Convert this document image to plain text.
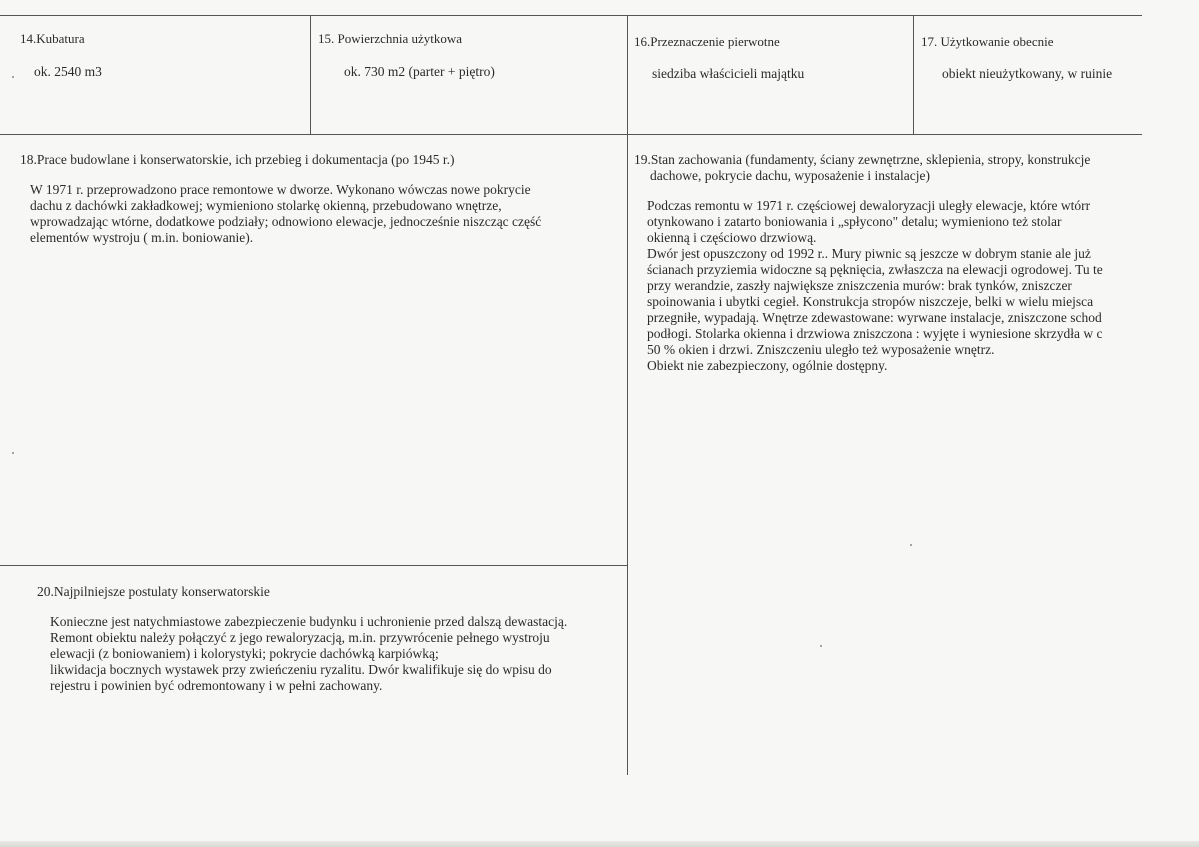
14.Kubatura
ok. 2540 m3
15. Powierzchnia użytkowa
ok. 730 m2 (parter + piętro)
16.Przeznaczenie pierwotne
siedziba właścicieli majątku
17. Użytkowanie obecnie
obiekt nieużytkowany, w ruinie
18.Prace budowlane i konserwatorskie, ich przebieg i dokumentacja (po 1945 r.)
W 1971 r. przeprowadzono prace remontowe w dworze. Wykonano wówczas nowe pokrycie
dachu z dachówki zakładkowej; wymieniono stolarkę okienną, przebudowano wnętrze,
wprowadzając wtórne, dodatkowe podziały; odnowiono elewacje, jednocześnie niszcząc część
elementów wystroju ( m.in. boniowanie).
19.Stan zachowania (fundamenty, ściany zewnętrzne, sklepienia, stropy, konstrukcje
dachowe, pokrycie dachu, wyposażenie i instalacje)
Podczas remontu w 1971 r. częściowej dewaloryzacji uległy elewacje, które wtórr
otynkowano i zatarto boniowania i „spłycono" detalu; wymieniono też stolar
okienną i częściowo drzwiową.
Dwór jest opuszczony od 1992 r.. Mury piwnic są jeszcze w dobrym stanie ale już
ścianach przyziemia widoczne są pęknięcia, zwłaszcza na elewacji ogrodowej. Tu te
przy werandzie, zaszły największe zniszczenia murów: brak tynków, zniszczer
spoinowania i ubytki cegieł. Konstrukcja stropów niszczeje, belki w wielu miejsca
przegniłe, wypadają. Wnętrze zdewastowane: wyrwane instalacje, zniszczone schod
podłogi. Stolarka okienna i drzwiowa zniszczona : wyjęte i wyniesione skrzydła w c
50 % okien i drzwi. Zniszczeniu uległo też wyposażenie wnętrz.
Obiekt nie zabezpieczony, ogólnie dostępny.
20.Najpilniejsze postulaty konserwatorskie
Konieczne jest natychmiastowe zabezpieczenie budynku i uchronienie przed dalszą dewastacją.
Remont obiektu należy połączyć z jego rewaloryzacją, m.in. przywrócenie pełnego wystroju
elewacji (z boniowaniem) i kolorystyki; pokrycie dachówką karpiówką;
likwidacja bocznych wystawek przy zwieńczeniu ryzalitu. Dwór kwalifikuje się do wpisu do
rejestru i powinien być odremontowany i w pełni zachowany.
